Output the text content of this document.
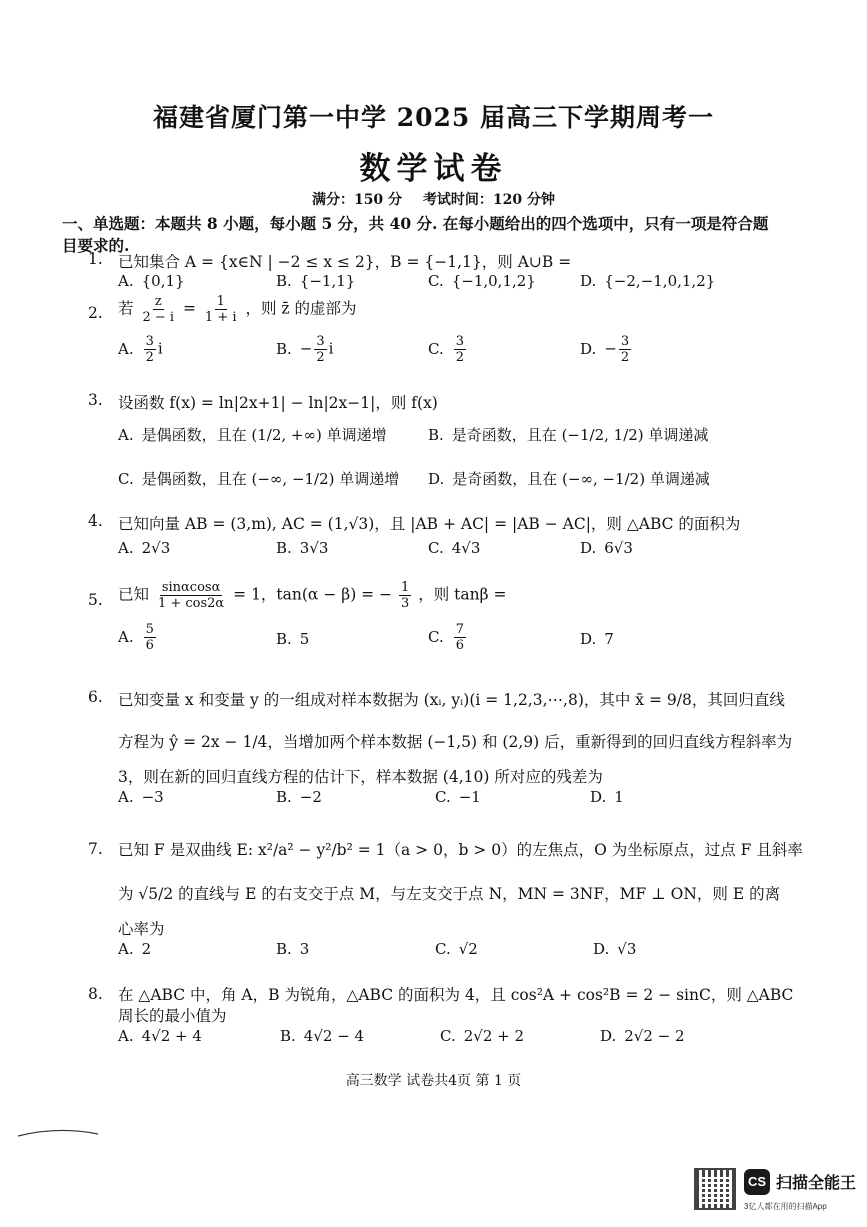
福建省厦门第一中学 2025 届高三下学期周考一
数学试卷
满分：150 分 考试时间：120 分钟
一、单选题：本题共 8 小题，每小题 5 分，共 40 分. 在每小题给出的四个选项中，只有一项是符合题目要求的.
1. 已知集合 A = {x∈N | −2 ≤ x ≤ 2}，B = {−1,1}，则 A∪B =
A. {0,1}	B. {−1,1}	C. {−1,0,1,2}	D. {−2,−1,0,1,2}
2. 若 $\frac{z}{2 - i} = \frac{1}{1 + i}$ ，则 z̄ 的虚部为
A. $\frac{3}{2}$ i	B. − $\frac{3}{2}$ i	C. $\frac{3}{2}$	D. − $\frac{3}{2}$
3. 设函数 f(x) = ln|2x+1| − ln|2x−1|，则 f(x)
A. 是偶函数，且在 (1/2, +∞) 单调递增	B. 是奇函数，且在 (−1/2, 1/2) 单调递减
C. 是偶函数，且在 (−∞, −1/2) 单调递增 D. 是奇函数，且在 (−∞, −1/2) 单调递减
4. 已知向量 AB = (3,m), AC = (1,√3)，且 |AB + AC| = |AB − AC|，则 △ABC 的面积为
A. 2√3	B. 3√3	C. 4√3	D. 6√3
5. 已知 $\frac{\sin\alpha\cos\alpha}{1 + \cos 2\alpha} = 1$，tan(α − β) = − $\frac{1}{3}$ ，则 tanβ =
A. $\frac{5}{6}$	B. 5	C. $\frac{7}{6}$	D. 7
6. 已知变量 x 和变量 y 的一组成对样本数据为 (xᵢ, yᵢ)(i = 1,2,3,⋯,8)，其中 x̄ = 9/8，其回归直线
方程为 ŷ = 2x − 1/4，当增加两个样本数据 (−1,5) 和 (2,9) 后，重新得到的回归直线方程斜率为
3，则在新的回归直线方程的估计下，样本数据 (4,10) 所对应的残差为
A. −3	B. −2	C. −1	D. 1
7. 已知 F 是双曲线 E: x²/a² − y²/b² = 1（a > 0，b > 0）的左焦点，O 为坐标原点，过点 F 且斜率
为 √5/2 的直线与 E 的右支交于点 M，与左支交于点 N，MN = 3NF，MF ⊥ ON，则 E 的离
心率为
A. 2	B. 3	C. √2	D. √3
8. 在 △ABC 中，角 A，B 为锐角，△ABC 的面积为 4，且 cos²A + cos²B = 2 − sinC，则 △ABC
周长的最小值为
A. 4√2 + 4	B. 4√2 − 4	C. 2√2 + 2	D. 2√2 − 2
高三数学 试卷共4页 第 1 页
CS 扫描全能王
3亿人都在用的扫描App
